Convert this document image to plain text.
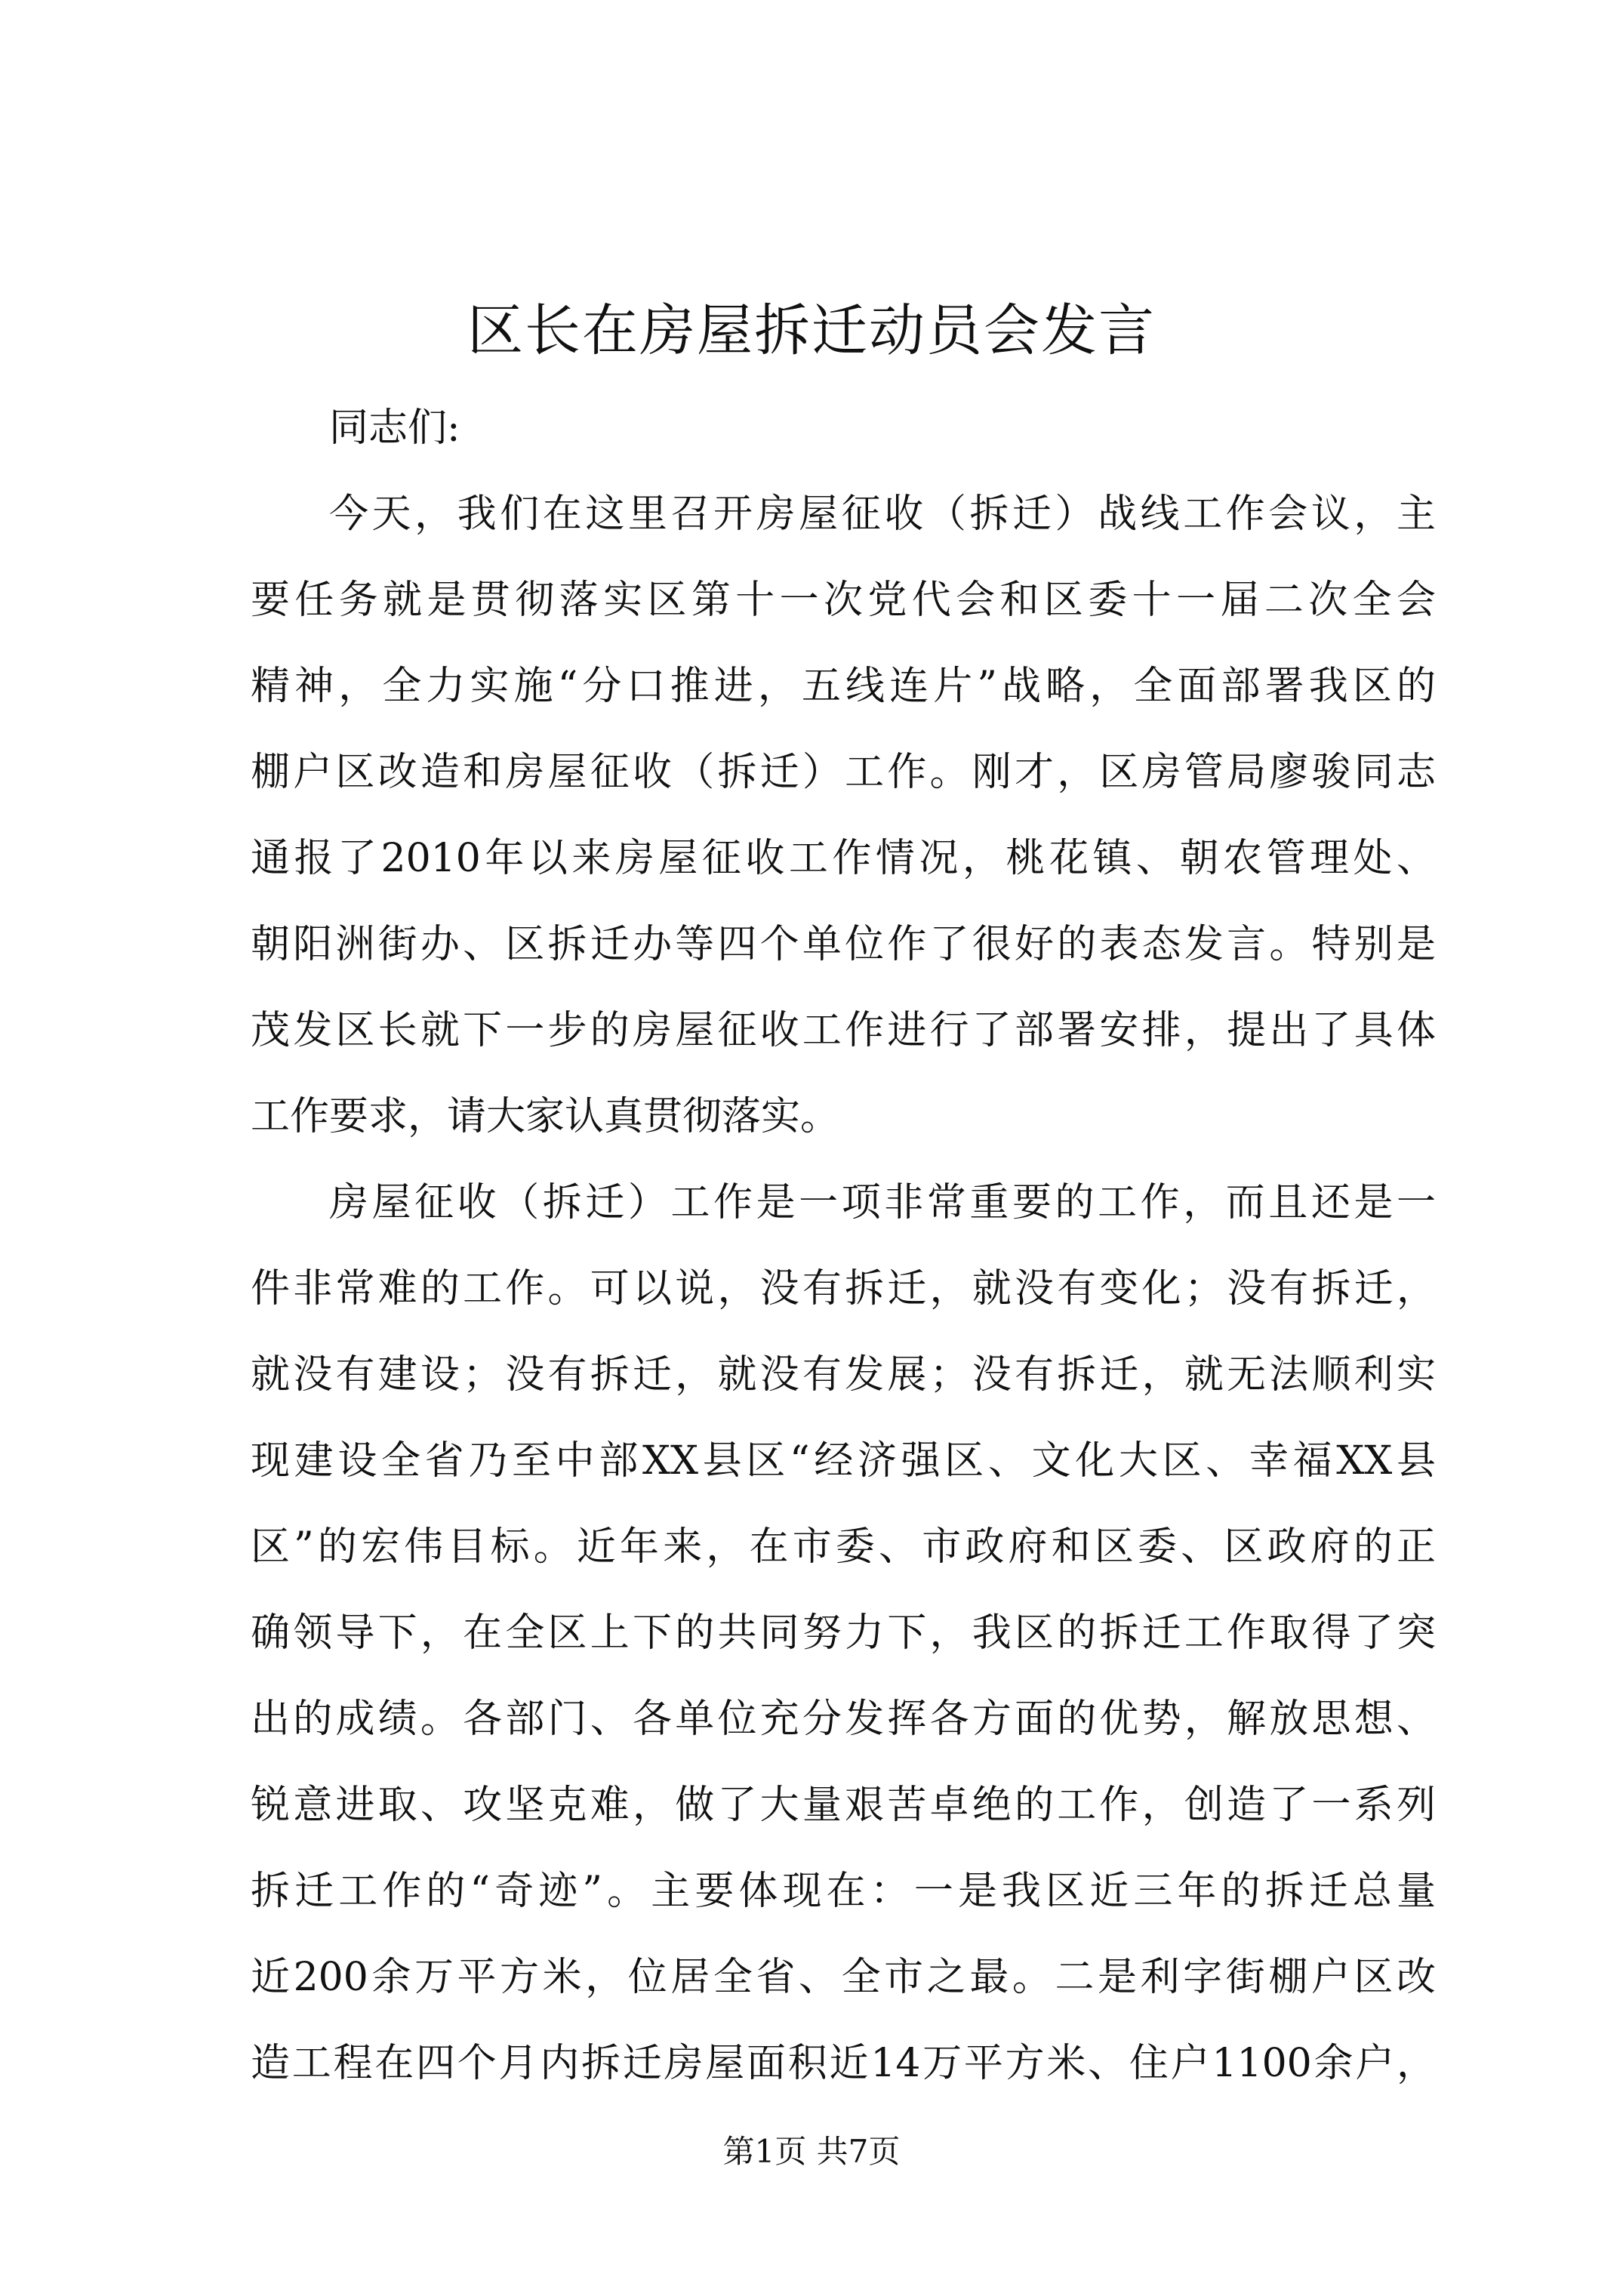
区长在房屋拆迁动员会发言
同志们:
今天，我们在这里召开房屋征收（拆迁）战线工作会议，主
要任务就是贯彻落实区第十一次党代会和区委十一届二次全会
精神，全力实施“分口推进，五线连片”战略，全面部署我区的
棚户区改造和房屋征收（拆迁）工作。刚才，区房管局廖骏同志
通报了2010年以来房屋征收工作情况，桃花镇、朝农管理处、
朝阳洲街办、区拆迁办等四个单位作了很好的表态发言。特别是
茂发区长就下一步的房屋征收工作进行了部署安排，提出了具体
工作要求，请大家认真贯彻落实。
房屋征收（拆迁）工作是一项非常重要的工作，而且还是一
件非常难的工作。可以说，没有拆迁，就没有变化；没有拆迁，
就没有建设；没有拆迁，就没有发展；没有拆迁，就无法顺利实
现建设全省乃至中部XX县区“经济强区、文化大区、幸福XX县
区”的宏伟目标。近年来，在市委、市政府和区委、区政府的正
确领导下，在全区上下的共同努力下，我区的拆迁工作取得了突
出的成绩。各部门、各单位充分发挥各方面的优势，解放思想、
锐意进取、攻坚克难，做了大量艰苦卓绝的工作，创造了一系列
拆迁工作的“奇迹”。主要体现在：一是我区近三年的拆迁总量
近200余万平方米，位居全省、全市之最。二是利字街棚户区改
造工程在四个月内拆迁房屋面积近14万平方米、住户1100余户，
第1页 共7页
